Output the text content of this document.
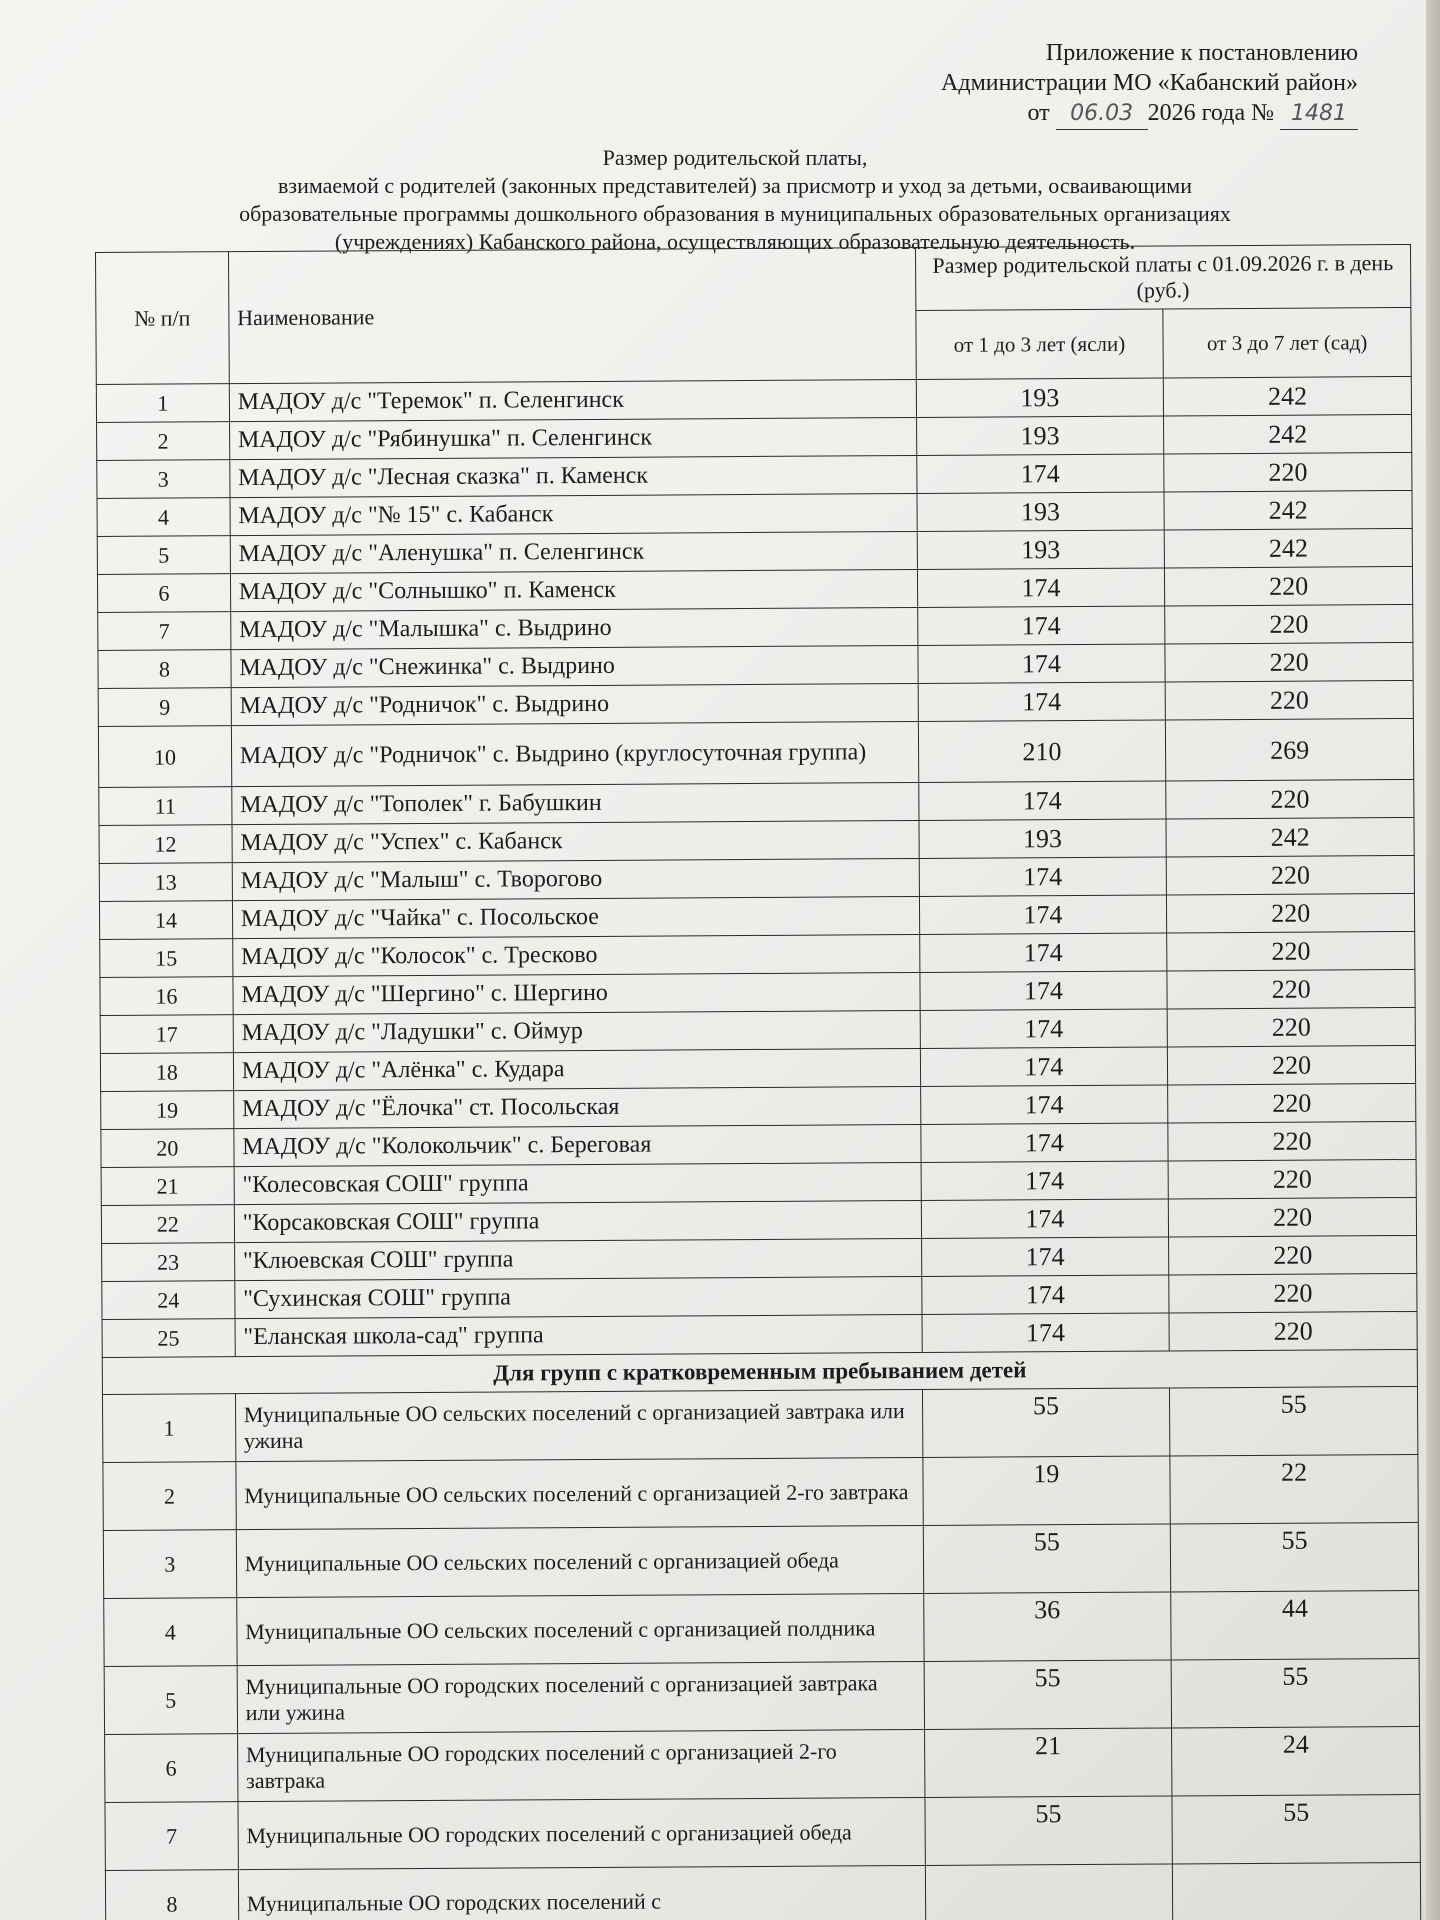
Приложение к постановлению
Администрации МО «Кабанский район»
от 06.03 2026 года № 1481
Размер родительской платы,
взимаемой с родителей (законных представителей) за присмотр и уход за детьми, осваивающими
образовательные программы дошкольного образования в муниципальных образовательных организациях
(учреждениях) Кабанского района, осуществляющих образовательную деятельность.
№ п/п	Наименование	Размер родительской платы с 01.09.2026 г. в день (руб.)	
		от 1 до 3 лет (ясли)	от 3 до 7 лет (сад)
1	МАДОУ д/с "Теремок" п. Селенгинск	193	242
2	МАДОУ д/с "Рябинушка" п. Селенгинск	193	242
3	МАДОУ д/с "Лесная сказка" п. Каменск	174	220
4	МАДОУ д/с "№ 15" с. Кабанск	193	242
5	МАДОУ д/с "Аленушка" п. Селенгинск	193	242
6	МАДОУ д/с "Солнышко" п. Каменск	174	220
7	МАДОУ д/с "Малышка" с. Выдрино	174	220
8	МАДОУ д/с "Снежинка" с. Выдрино	174	220
9	МАДОУ д/с "Родничок" с. Выдрино	174	220
10	МАДОУ д/с "Родничок" с. Выдрино (круглосуточная группа)	210	269
11	МАДОУ д/с "Тополек" г. Бабушкин	174	220
12	МАДОУ д/с "Успех" с. Кабанск	193	242
13	МАДОУ д/с "Малыш" с. Творогово	174	220
14	МАДОУ д/с "Чайка" с. Посольское	174	220
15	МАДОУ д/с "Колосок" с. Тресково	174	220
16	МАДОУ д/с "Шергино" с. Шергино	174	220
17	МАДОУ д/с "Ладушки" с. Оймур	174	220
18	МАДОУ д/с "Алёнка" с. Кудара	174	220
19	МАДОУ д/с "Ёлочка" ст. Посольская	174	220
20	МАДОУ д/с "Колокольчик" с. Береговая	174	220
21	"Колесовская СОШ" группа	174	220
22	"Корсаковская СОШ" группа	174	220
23	"Клюевская СОШ" группа	174	220
24	"Сухинская СОШ" группа	174	220
25	"Еланская школа-сад" группа	174	220
Для групп с кратковременным пребыванием детей			
1	Муниципальные ОО сельских поселений с организацией завтрака или ужина	55	55
2	Муниципальные ОО сельских поселений с организацией 2-го завтрака	19	22
3	Муниципальные ОО сельских поселений с организацией обеда	55	55
4	Муниципальные ОО сельских поселений с организацией полдника	36	44
5	Муниципальные ОО городских поселений с организацией завтрака или ужина	55	55
6	Муниципальные ОО городских поселений с организацией 2-го завтрака	21	24
7	Муниципальные ОО городских поселений с организацией обеда	55	55
8	Муниципальные ОО городских поселений с		
